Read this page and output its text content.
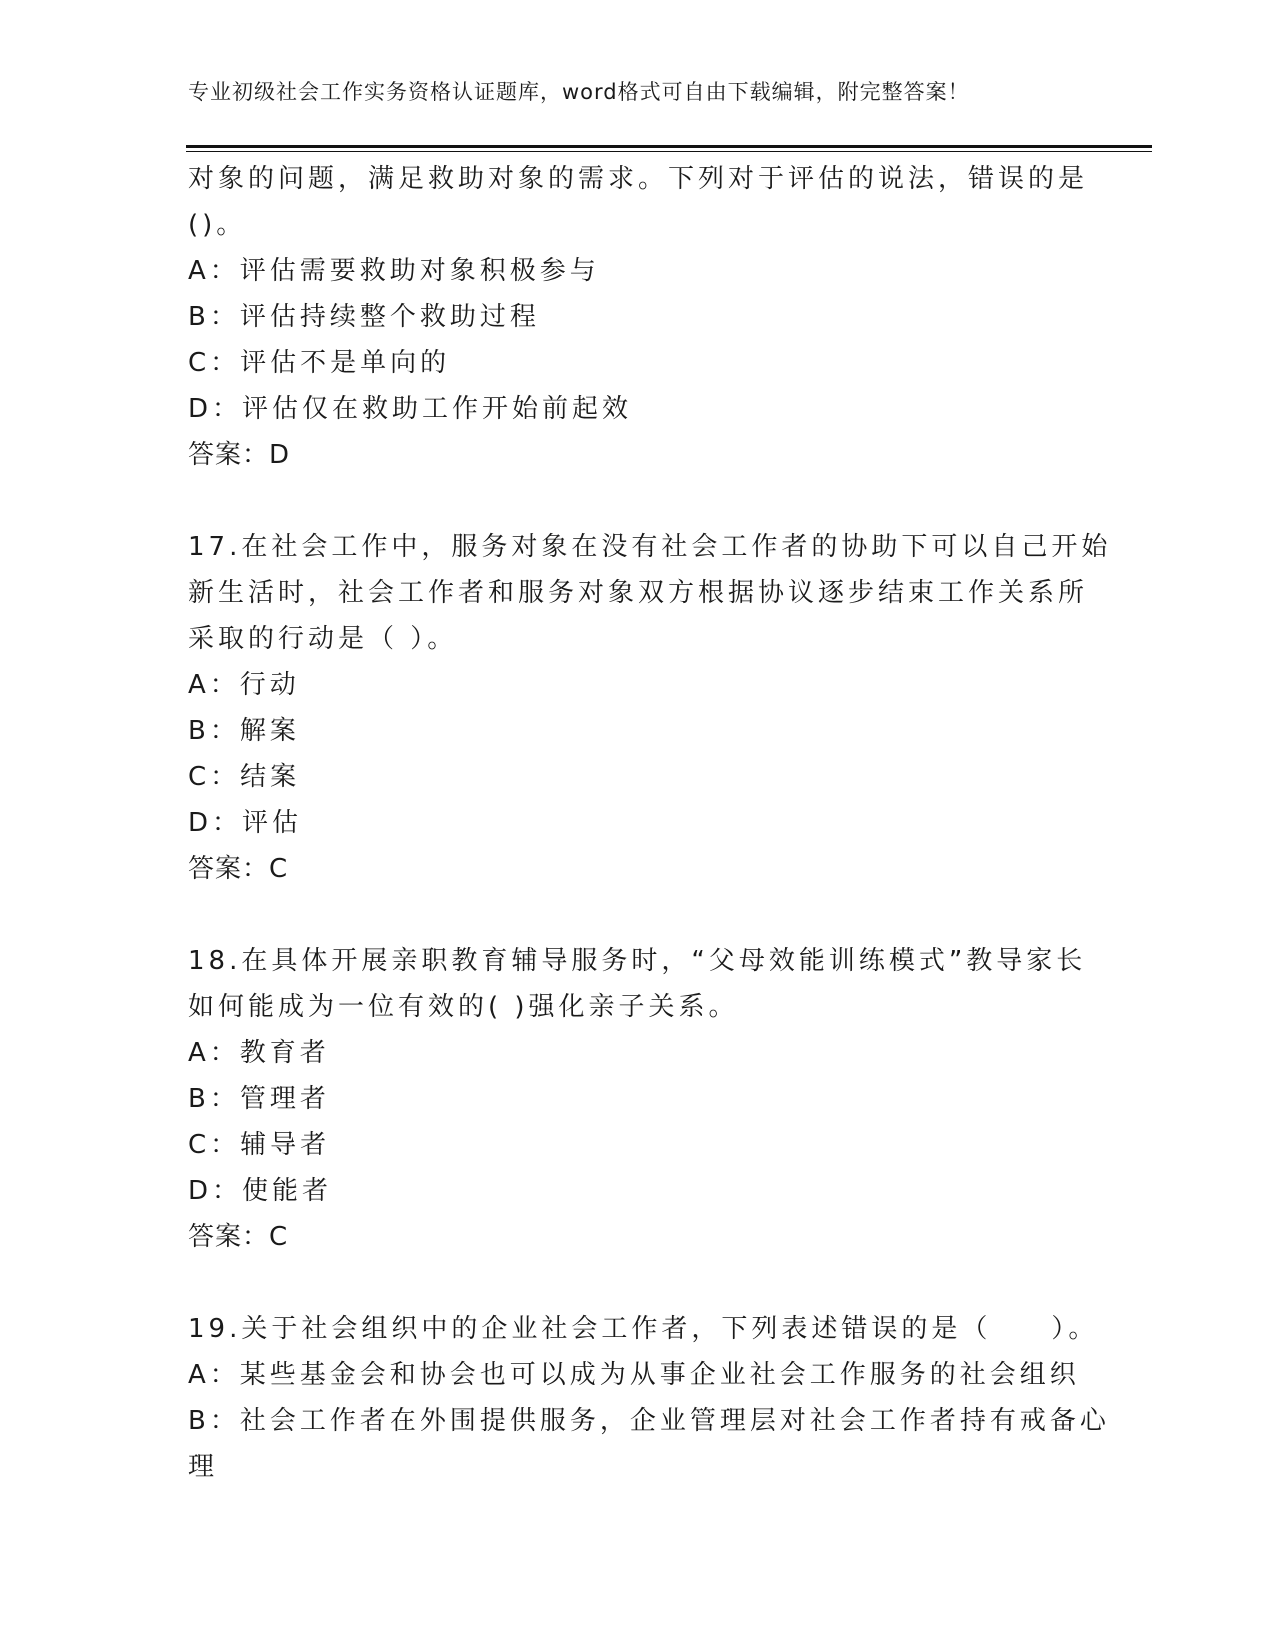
专业初级社会工作实务资格认证题库，word格式可自由下载编辑，附完整答案！
对象的问题，满足救助对象的需求。下列对于评估的说法，错误的是
()。
A：评估需要救助对象积极参与
B：评估持续整个救助过程
C：评估不是单向的
D：评估仅在救助工作开始前起效
答案：D
17.在社会工作中，服务对象在没有社会工作者的协助下可以自己开始
新生活时，社会工作者和服务对象双方根据协议逐步结束工作关系所
采取的行动是（ ）。
A：行动
B：解案
C：结案
D：评估
答案：C
18.在具体开展亲职教育辅导服务时，“父母效能训练模式”教导家长
如何能成为一位有效的( )强化亲子关系。
A：教育者
B：管理者
C：辅导者
D：使能者
答案：C
19.关于社会组织中的企业社会工作者，下列表述错误的是（　　）。
A：某些基金会和协会也可以成为从事企业社会工作服务的社会组织
B：社会工作者在外围提供服务，企业管理层对社会工作者持有戒备心
理
